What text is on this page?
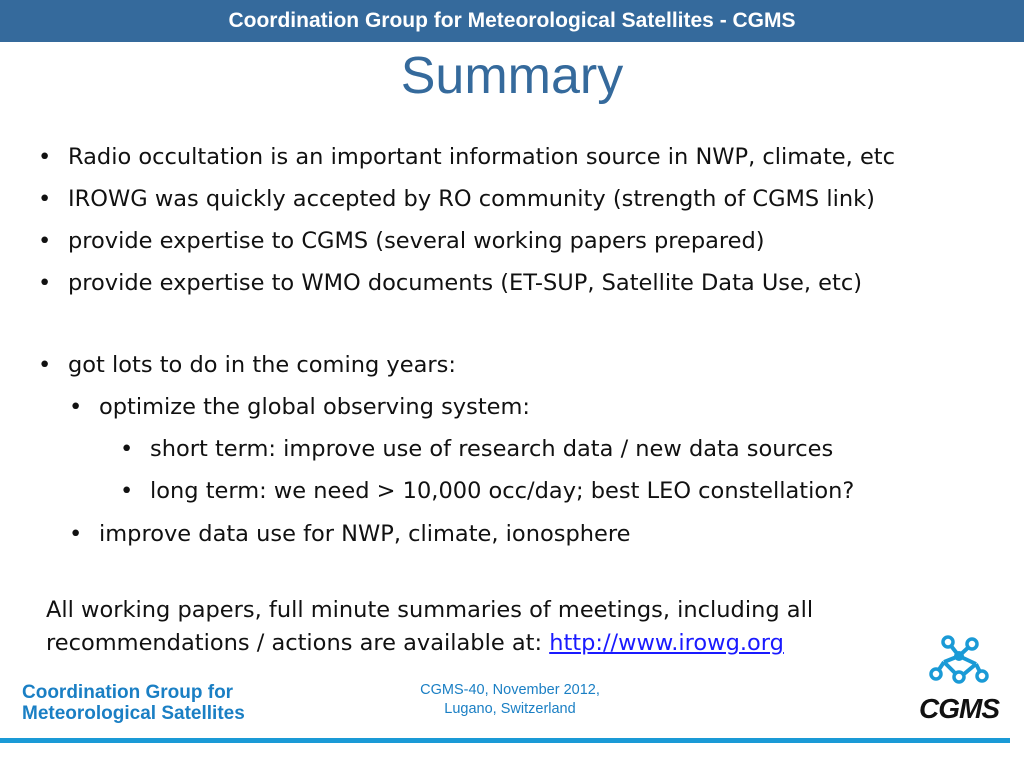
Coordination Group for Meteorological Satellites - CGMS
Summary
• Radio occultation is an important information source in NWP, climate, etc
• IROWG was quickly accepted by RO community (strength of CGMS link)
• provide expertise to CGMS (several working papers prepared)
• provide expertise to WMO documents (ET-SUP, Satellite Data Use, etc)
• got lots to do in the coming years:
• optimize the global observing system:
• short term: improve use of research data / new data sources
• long term: we need > 10,000 occ/day; best LEO constellation?
• improve data use for NWP, climate, ionosphere
All working papers, full minute summaries of meetings, including all
recommendations / actions are available at: http://www.irowg.org
Coordination Group for
Meteorological Satellites
CGMS-40, November 2012,
Lugano, Switzerland	CGMS
